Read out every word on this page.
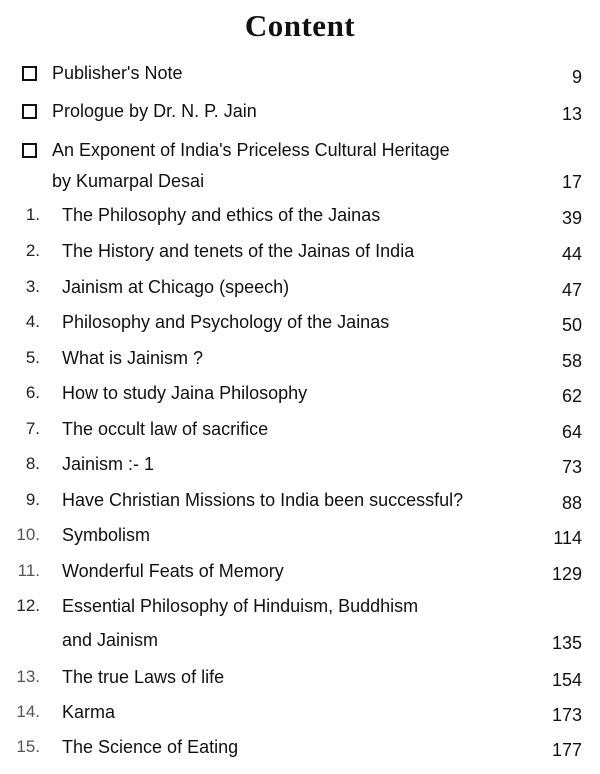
Content
Publisher's Note	9
Prologue by Dr. N. P. Jain	13
An Exponent of India's Priceless Cultural Heritage
by Kumarpal Desai	17
1. The Philosophy and ethics of the Jainas	39
2. The History and tenets of the Jainas of India	44
3. Jainism at Chicago (speech)	47
4. Philosophy and Psychology of the Jainas	50
5. What is Jainism ?	58
6. How to study Jaina Philosophy	62
7. The occult law of sacrifice	64
8. Jainism :- 1	73
9. Have Christian Missions to India been successful?	88
10. Symbolism	114
11. Wonderful Feats of Memory	129
12. Essential Philosophy of Hinduism, Buddhism
and Jainism	135
13. The true Laws of life	154
14. Karma	173
15. The Science of Eating	177
